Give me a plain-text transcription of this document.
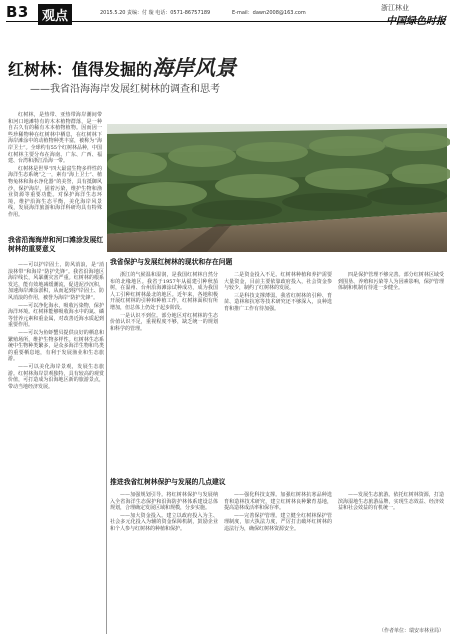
B3	观点	2015.5.20 责编：付 璇 电话：0571-86757189	E-mail：dawn2008@163.com
浙江林业
中国绿色时报
红树林：值得发掘的海岸风景
——我省沿海海岸发展红树林的调查和思考

红树林，是热带、亚热带海岸潮间带和河口地滩特有的木本植物群落，是一种自古久有的稀有木本植物植物。因而因一些珍稀物种在红树林中栖息，在红树林下海岸滩涂中的动植物种类丰富，被称为“海岸卫士”。全球约有55个红树林品种，中国红树林主要分布在海南、广东、广西、福建、台湾和浙江沿海一带。

红树林是世界“四大最富生物多样性的海洋生态系统”之一，素有“海上卫士”、植物兔林和海水净化器”的美誉，具有抵御风沙，保护海岸，固着污染，维护生物和渔业资源等重要功能。对保护海洋生态环境，维护沿海生态平衡，美化海岸风景线，发展海洋旅游和海洋科研均具有特殊作用。

瑞安市红树林种植基地
我省沿海海岸和河口滩涂发展红树林的重要意义

——可以护岸固土，防风消浪，是“消浪林带”和海岸“防护先锋”。我省沿海地区海岸线长，风暴潮灾害严重。红树林的根系发达，能有效地减缓潮流，促进泥沙沉积，加速海岸滩涂淤积，从而起到护岸固土、防风消浪的作用，被誉为海岸“防护先锋”。

——可以净化海水，吸收污染物，保护海洋环境。红树林能够吸收海水中的氮、磷等营养元素和重金属，对改善近海水质起到重要作用。

——可以为鱼虾蟹贝提供良好的栖息和繁殖场所，维护生物多样性。红树林生态系统中生物种类繁多，是众多海洋生物和鸟类的重要栖息地，有利于发展渔业和生态旅游。

——可以美化海岸景观，发展生态旅游。红树林海岸景观独特，具有较高的观赏价值，可打造成为沿海地区新的旅游景点，带动当地经济发展。

我省保护与发展红树林的现状和存在问题

浙江的气候温和湿润，是我国红树林自然分布的北缘地区。我省于1957年从福建引种秋茄树，在温州、台州沿海滩涂试种成功，成为我国人工引种红树林最北的地区。近年来，各地积极开展红树林的引种和种植工作，红树林面积有所增加，但总体上仍处于起步阶段。

一是认识不到位。部分地区对红树林的生态价值认识不足，重视程度不够，缺乏统一的规划和科学的管理。

二是资金投入不足。红树林种植和养护需要大量资金，目前主要依靠政府投入，社会资金参与较少，制约了红树林的发展。

三是科技支撑薄弱。我省红树林的引种、育苗、造林和抗寒等技术研究还不够深入，良种选育和推广工作有待加强。

四是保护管理不够完善。部分红树林区域受到围垦、养殖和污染等人为因素影响，保护管理体制和机制有待进一步健全。

推进我省红树林保护与发展的几点建议

——加强规划引导。将红树林保护与发展纳入全省海洋生态保护和沿海防护林体系建设总体规划，合理确定发展区域和规模，分步实施。

——加大资金投入。建立以政府投入为主、社会多元化投入为辅的资金保障机制，鼓励企业和个人参与红树林的种植和保护。

——强化科技支撑。加强红树林抗寒品种选育和造林技术研究，建立红树林良种繁育基地，提高造林成活率和保存率。

——完善保护管理。建立健全红树林保护管理制度，加大执法力度，严厉打击破坏红树林的违法行为，确保红树林资源安全。

——发展生态旅游。依托红树林资源，打造滨海湿地生态旅游品牌，实现生态效益、经济效益和社会效益的有机统一。

（作者单位：瑞安市林业局）
